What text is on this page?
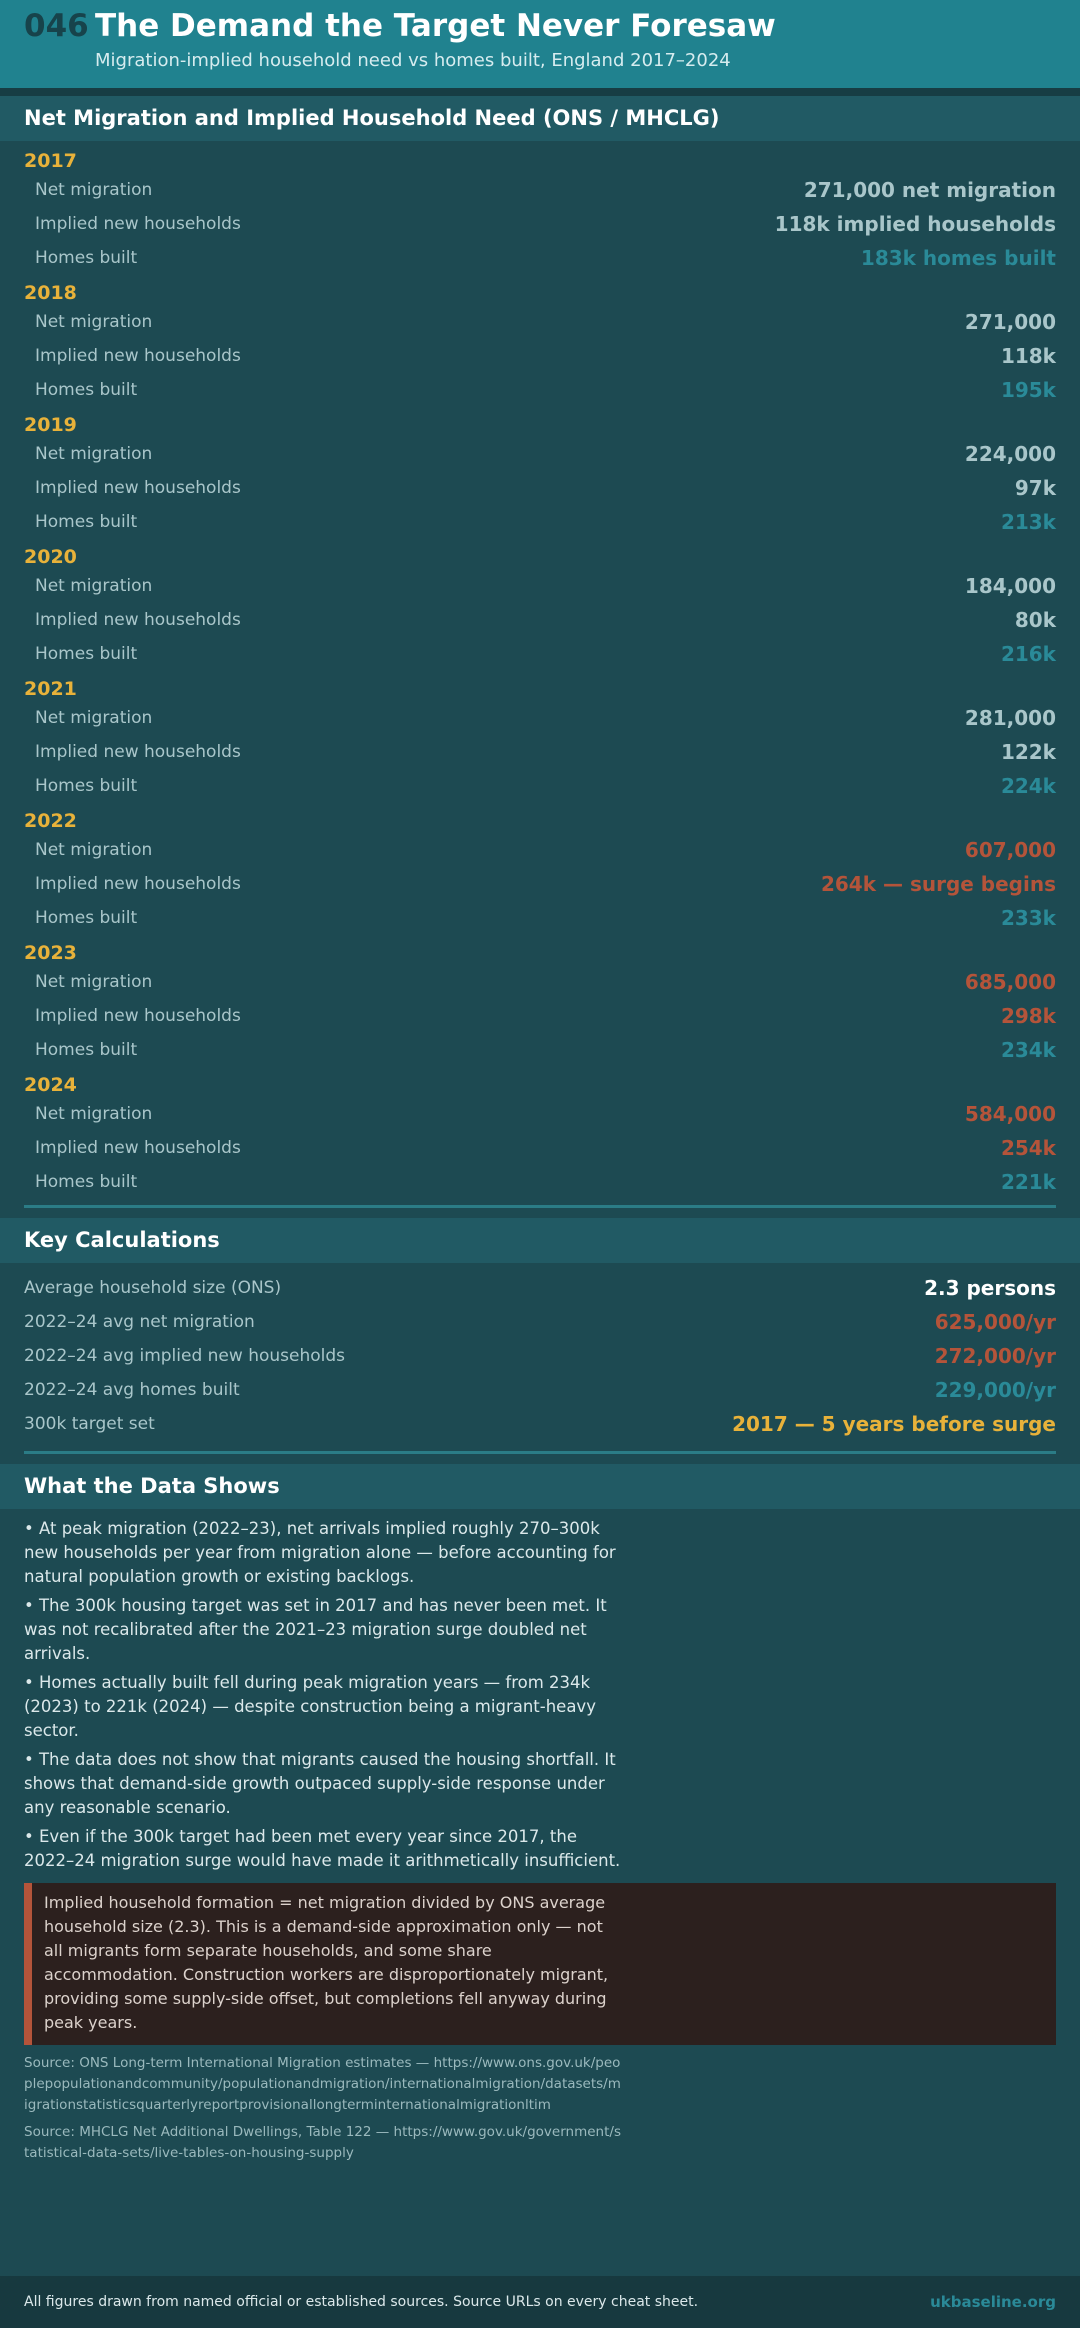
046 The Demand the Target Never Foresaw
Migration-implied household need vs homes built, England 2017–2024
Net Migration and Implied Household Need (ONS / MHCLG)
2017
Net migration	271,000 net migration
Implied new households	118k implied households
Homes built	183k homes built
2018
Net migration	271,000
Implied new households	118k
Homes built	195k
2019
Net migration	224,000
Implied new households	97k
Homes built	213k
2020
Net migration	184,000
Implied new households	80k
Homes built	216k
2021
Net migration	281,000
Implied new households	122k
Homes built	224k
2022
Net migration	607,000
Implied new households	264k — surge begins
Homes built	233k
2023
Net migration	685,000
Implied new households	298k
Homes built	234k
2024
Net migration	584,000
Implied new households	254k
Homes built	221k
Key Calculations
Average household size (ONS)	2.3 persons
2022–24 avg net migration	625,000/yr
2022–24 avg implied new households	272,000/yr
2022–24 avg homes built	229,000/yr
300k target set	2017 — 5 years before surge
What the Data Shows
• At peak migration (2022–23), net arrivals implied roughly 270–300k new households per year from migration alone — before accounting for natural population growth or existing backlogs.
• The 300k housing target was set in 2017 and has never been met. It was not recalibrated after the 2021–23 migration surge doubled net arrivals.
• Homes actually built fell during peak migration years — from 234k (2023) to 221k (2024) — despite construction being a migrant-heavy sector.
• The data does not show that migrants caused the housing shortfall. It shows that demand-side growth outpaced supply-side response under any reasonable scenario.
• Even if the 300k target had been met every year since 2017, the 2022–24 migration surge would have made it arithmetically insufficient.

Implied household formation = net migration divided by ONS average household size (2.3). This is a demand-side approximation only — not all migrants form separate households, and some share accommodation. Construction workers are disproportionately migrant, providing some supply-side offset, but completions fell anyway during peak years.

Source: ONS Long-term International Migration estimates — https://www.ons.gov.uk/peoplepopulationandcommunity/populationandmigration/internationalmigration/datasets/migrationstatisticsquarterlyreportprovisionallongterminternationalmigrationltim
Source: MHCLG Net Additional Dwellings, Table 122 — https://www.gov.uk/government/statistical-data-sets/live-tables-on-housing-supply
All figures drawn from named official or established sources. Source URLs on every cheat sheet.	ukbaseline.org
